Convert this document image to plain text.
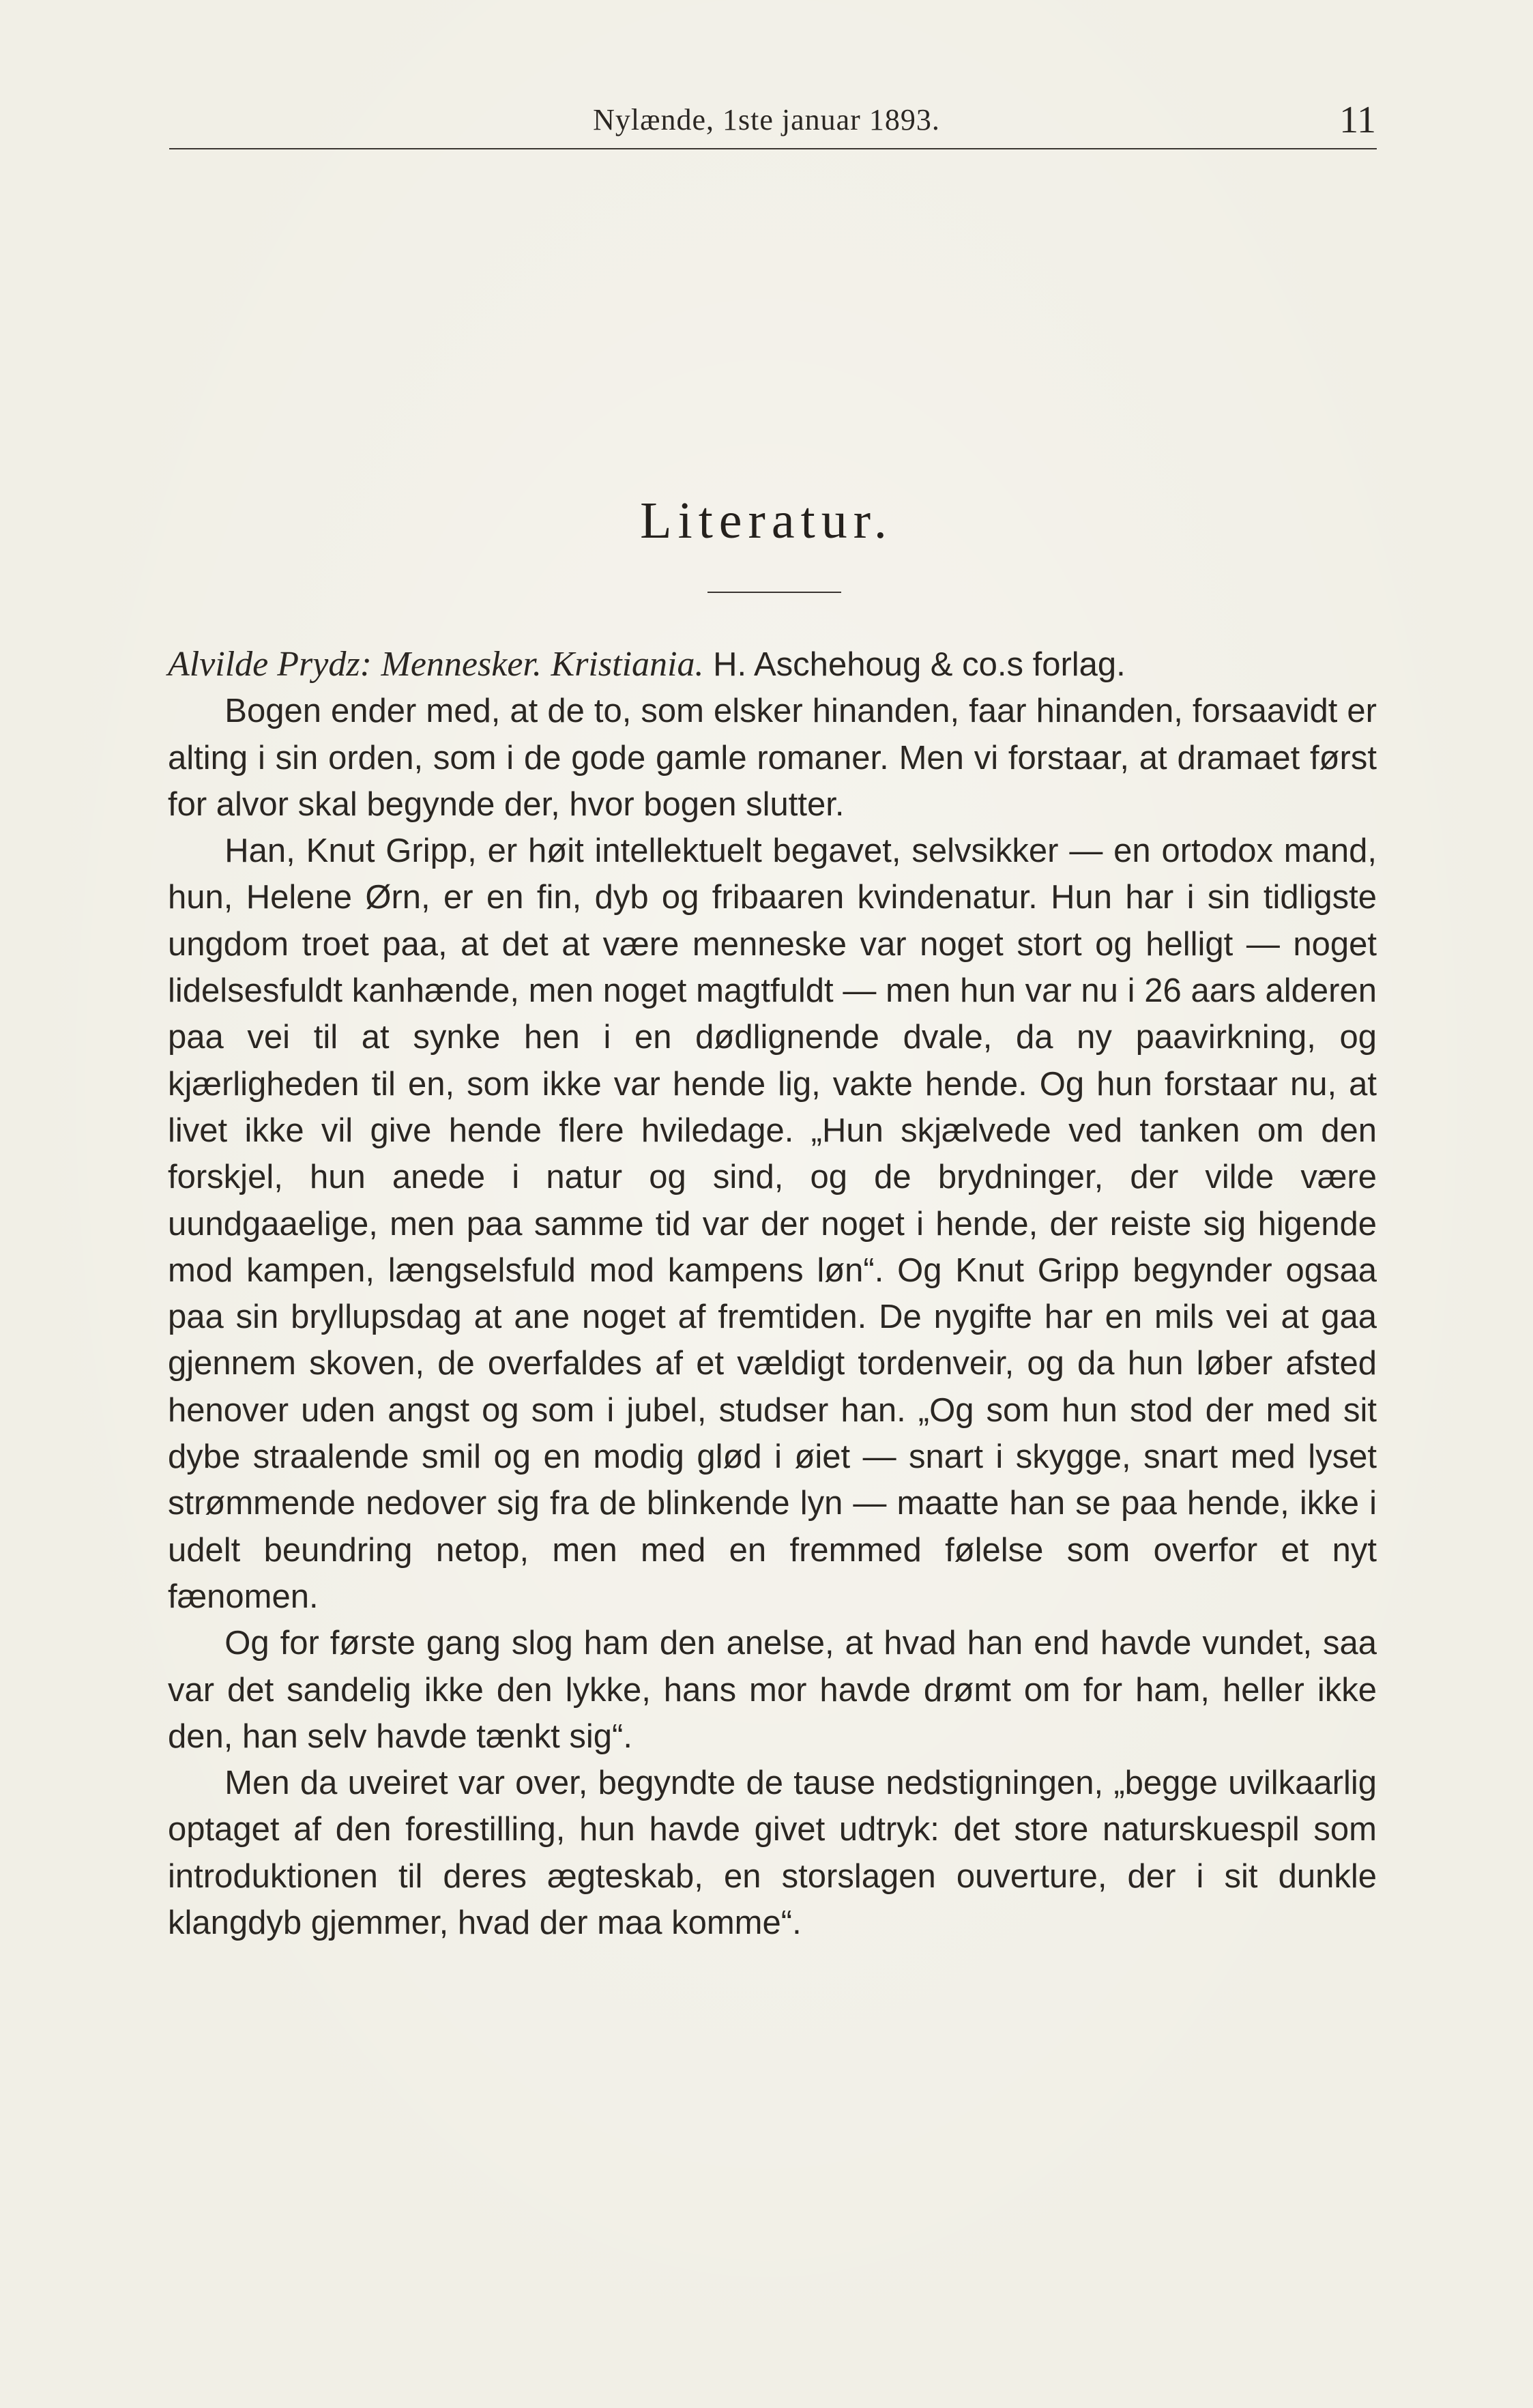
Nylænde, 1ste januar 1893.	11
Literatur.

Alvilde Prydz: Mennesker. Kristiania. H. Aschehoug & co.s forlag.

Bogen ender med, at de to, som elsker hinanden, faar hinanden, forsaavidt er alting i sin orden, som i de gode gamle romaner. Men vi forstaar, at dramaet først for alvor skal begynde der, hvor bogen slutter.

Han, Knut Gripp, er høit intellektuelt begavet, selvsikker — en ortodox mand, hun, Helene Ørn, er en fin, dyb og fribaaren kvindenatur. Hun har i sin tidligste ungdom troet paa, at det at være menneske var noget stort og helligt — noget lidelsesfuldt kanhænde, men noget magtfuldt — men hun var nu i 26 aars alderen paa vei til at synke hen i en dødlignende dvale, da ny paavirkning, og kjærligheden til en, som ikke var hende lig, vakte hende. Og hun forstaar nu, at livet ikke vil give hende flere hviledage. „Hun skjælvede ved tanken om den forskjel, hun anede i natur og sind, og de brydninger, der vilde være uundgaaelige, men paa samme tid var der noget i hende, der reiste sig higende mod kampen, længselsfuld mod kampens løn“. Og Knut Gripp begynder ogsaa paa sin bryllupsdag at ane noget af fremtiden. De nygifte har en mils vei at gaa gjennem skoven, de overfaldes af et vældigt tordenveir, og da hun løber afsted henover uden angst og som i jubel, studser han. „Og som hun stod der med sit dybe straalende smil og en modig glød i øiet — snart i skygge, snart med lyset strømmende nedover sig fra de blinkende lyn — maatte han se paa hende, ikke i udelt beundring netop, men med en fremmed følelse som overfor et nyt fænomen.

Og for første gang slog ham den anelse, at hvad han end havde vundet, saa var det sandelig ikke den lykke, hans mor havde drømt om for ham, heller ikke den, han selv havde tænkt sig“.

Men da uveiret var over, begyndte de tause nedstigningen, „begge uvilkaarlig optaget af den forestilling, hun havde givet udtryk: det store naturskuespil som introduktionen til deres ægteskab, en storslagen ouverture, der i sit dunkle klangdyb gjemmer, hvad der maa komme“.
